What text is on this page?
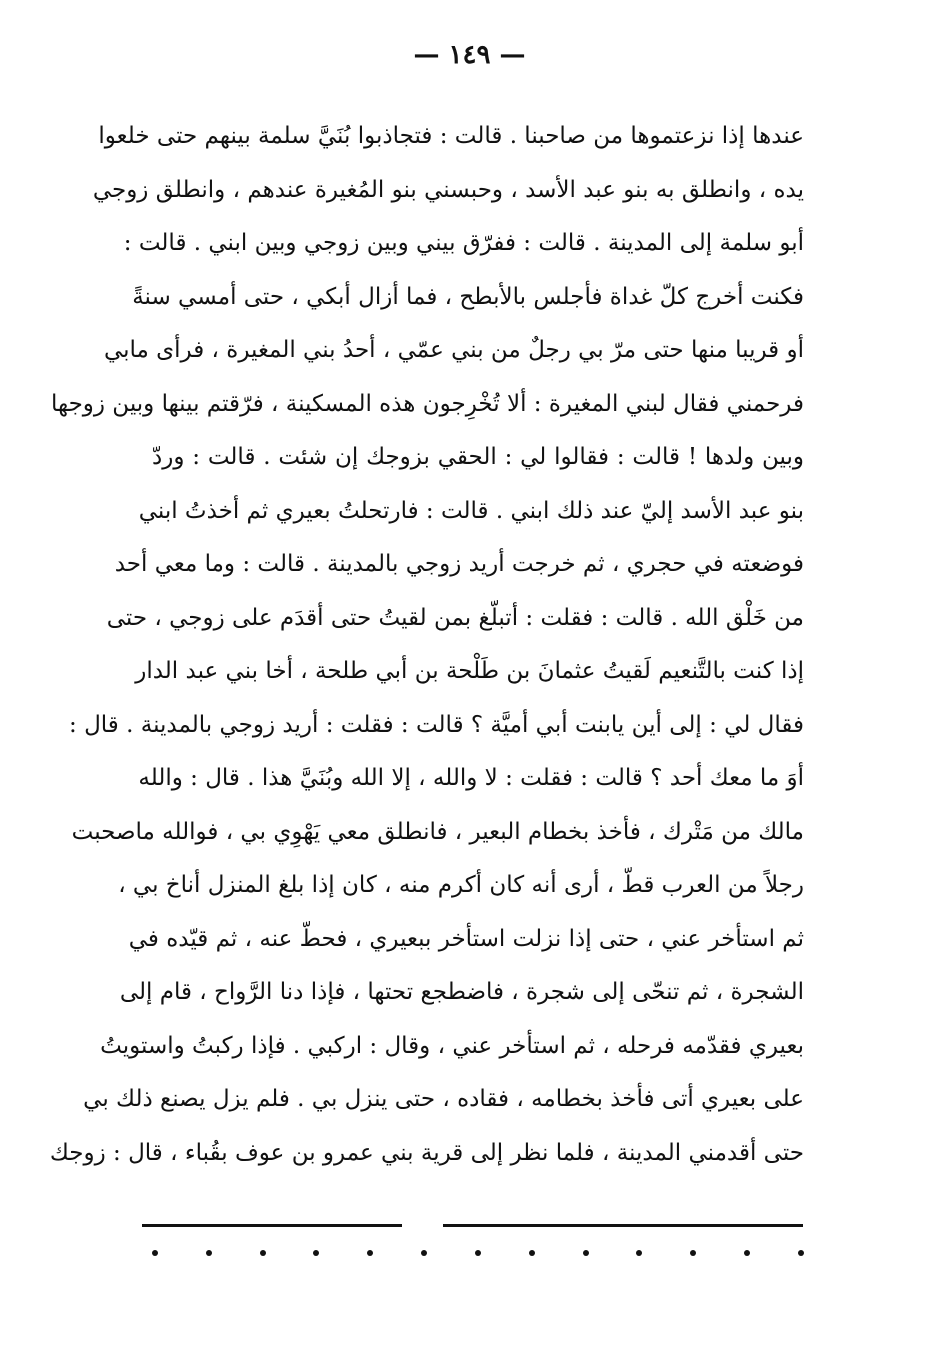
— ١٤٩ —
عندها إذا نزعتموها من صاحبنا . قالت : فتجاذبوا بُنَيَّ سلمة بينهم حتى خلعوا
يده ، وانطلق به بنو عبد الأسد ، وحبسني بنو المُغيرة عندهم ، وانطلق زوجي
أبو سلمة إلى المدينة . قالت : ففرّق بيني وبين زوجي وبين ابني . قالت :
فكنت أخرج كلّ غداة فأجلس بالأبطح ، فما أزال أبكي ، حتى أمسي سنةً
أو قريبا منها حتى مرّ بي رجلٌ من بني عمّي ، أحدُ بني المغيرة ، فرأى مابي
فرحمني فقال لبني المغيرة : ألا تُخْرِجون هذه المسكينة ، فرّقتم بينها وبين زوجها
وبين ولدها ! قالت : فقالوا لي : الحقي بزوجك إن شئت . قالت : وردّ
بنو عبد الأسد إليّ عند ذلك ابني . قالت : فارتحلتُ بعيري ثم أخذتُ ابني
فوضعته في حجري ، ثم خرجت أريد زوجي بالمدينة . قالت : وما معي أحد
من خَلْق الله . قالت : فقلت : أتبلّغ بمن لقيتُ حتى أقدَم على زوجي ، حتى
إذا كنت بالتَّنعيم لَقيتُ عثمانَ بن طَلْحة بن أبي طلحة ، أخا بني عبد الدار
فقال لي : إلى أين يابنت أبي أميَّة ؟ قالت : فقلت : أريد زوجي بالمدينة . قال :
أوَ ما معك أحد ؟ قالت : فقلت : لا والله ، إلا الله وبُنَيَّ هذا . قال : والله
مالك من مَتْرك ، فأخذ بخطام البعير ، فانطلق معي يَهْوِي بي ، فوالله ماصحبت
رجلاً من العرب قطّ ، أرى أنه كان أكرم منه ، كان إذا بلغ المنزل أناخ بي ،
ثم استأخر عني ، حتى إذا نزلت استأخر ببعيري ، فحطّ عنه ، ثم قيّده في
الشجرة ، ثم تنحّى إلى شجرة ، فاضطجع تحتها ، فإذا دنا الرَّواح ، قام إلى
بعيري فقدّمه فرحله ، ثم استأخر عني ، وقال : اركبي . فإذا ركبتُ واستويتُ
على بعيري أتى فأخذ بخطامه ، فقاده ، حتى ينزل بي . فلم يزل يصنع ذلك بي
حتى أقدمني المدينة ، فلما نظر إلى قرية بني عمرو بن عوف بقُباء ، قال : زوجك
